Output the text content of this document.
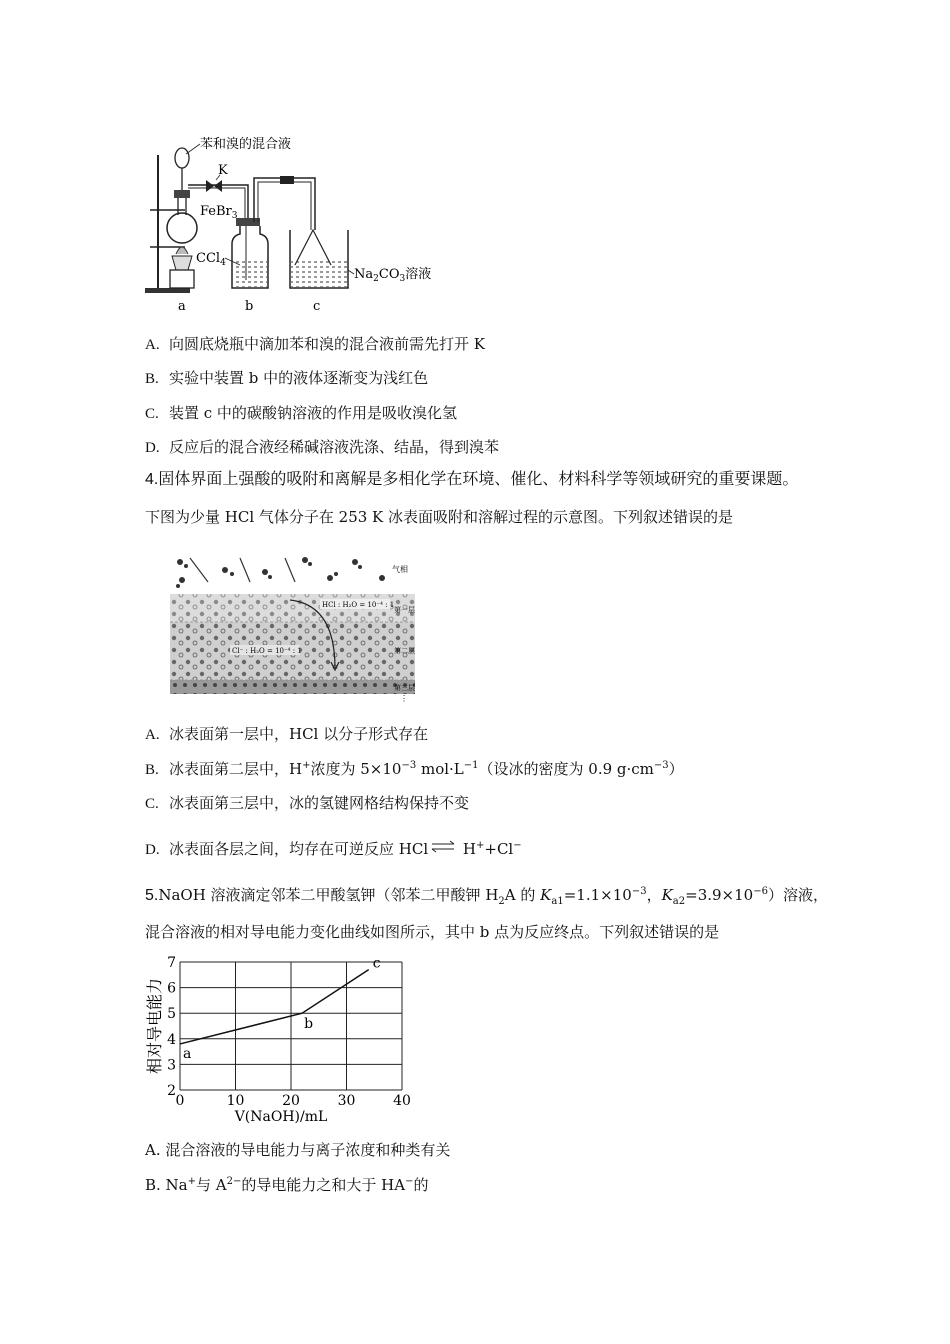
苯和溴的混合液
K
FeBr$_3$
CCl$_4$
$Na_2CO_3$溶液
a	b	c
A. 向圆底烧瓶中滴加苯和溴的混合液前需先打开 K
B. 实验中装置 b 中的液体逐渐变为浅红色
C. 装置 c 中的碳酸钠溶液的作用是吸收溴化氢
D. 反应后的混合液经稀碱溶液洗涤、结晶，得到溴苯
4.固体界面上强酸的吸附和离解是多相化学在环境、催化、材料科学等领域研究的重要课题。
下图为少量 HCl 气体分子在 253 K 冰表面吸附和溶解过程的示意图。下列叙述错误的是
气相
HCl : H₂O = 10⁻⁴ : 1
Cl⁻ : H₂O = 10⁻⁴ : 1
第一层
第二层
第三层
⋮
A. 冰表面第一层中，HCl 以分子形式存在
B. 冰表面第二层中，H+浓度为 $5\times 10^{-3}$ $mol\cdot L^{-1}$（设冰的密度为 0.9 $g\cdot cm^{-3}$）
C. 冰表面第三层中，冰的氢键网格结构保持不变
D. 冰表面各层之间，均存在可逆反应 HCl ⇌ H++Cl−
5.NaOH 溶液滴定邻苯二甲酸氢钾（邻苯二甲酸钾 $H_2A$ 的 $K_{a1}=1.1\times 10^{-3}$，$K_{a2}=3.9\times 10^{-6}$）溶液，
混合溶液的相对导电能力变化曲线如图所示，其中 b 点为反应终点。下列叙述错误的是
0	10	20	30	40
2
3
4
5
6
7
V(NaOH)/mL
相对导电能力 a
b
c
A. 混合溶液的导电能力与离子浓度和种类有关
B. Na+与 $A^{2-}$的导电能力之和大于 HA−的
